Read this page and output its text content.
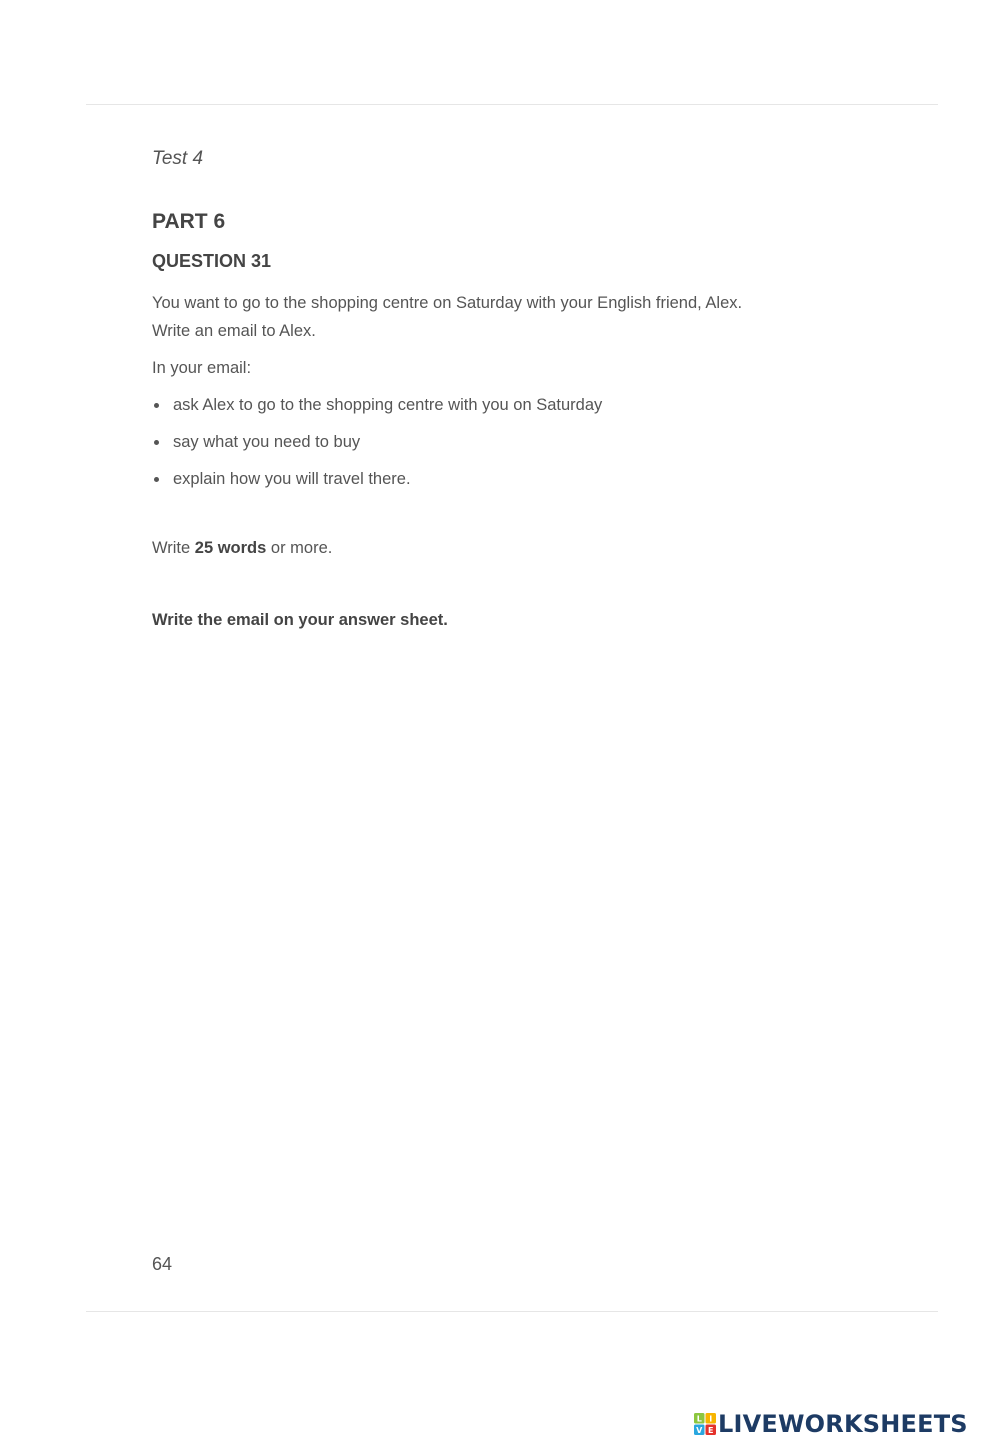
Test 4
PART 6
QUESTION 31
You want to go to the shopping centre on Saturday with your English friend, Alex.
Write an email to Alex.
In your email:
ask Alex to go to the shopping centre with you on Saturday
say what you need to buy
explain how you will travel there.
Write 25 words or more.
Write the email on your answer sheet.
64
L I
V E LIVEWORKSHEETS
